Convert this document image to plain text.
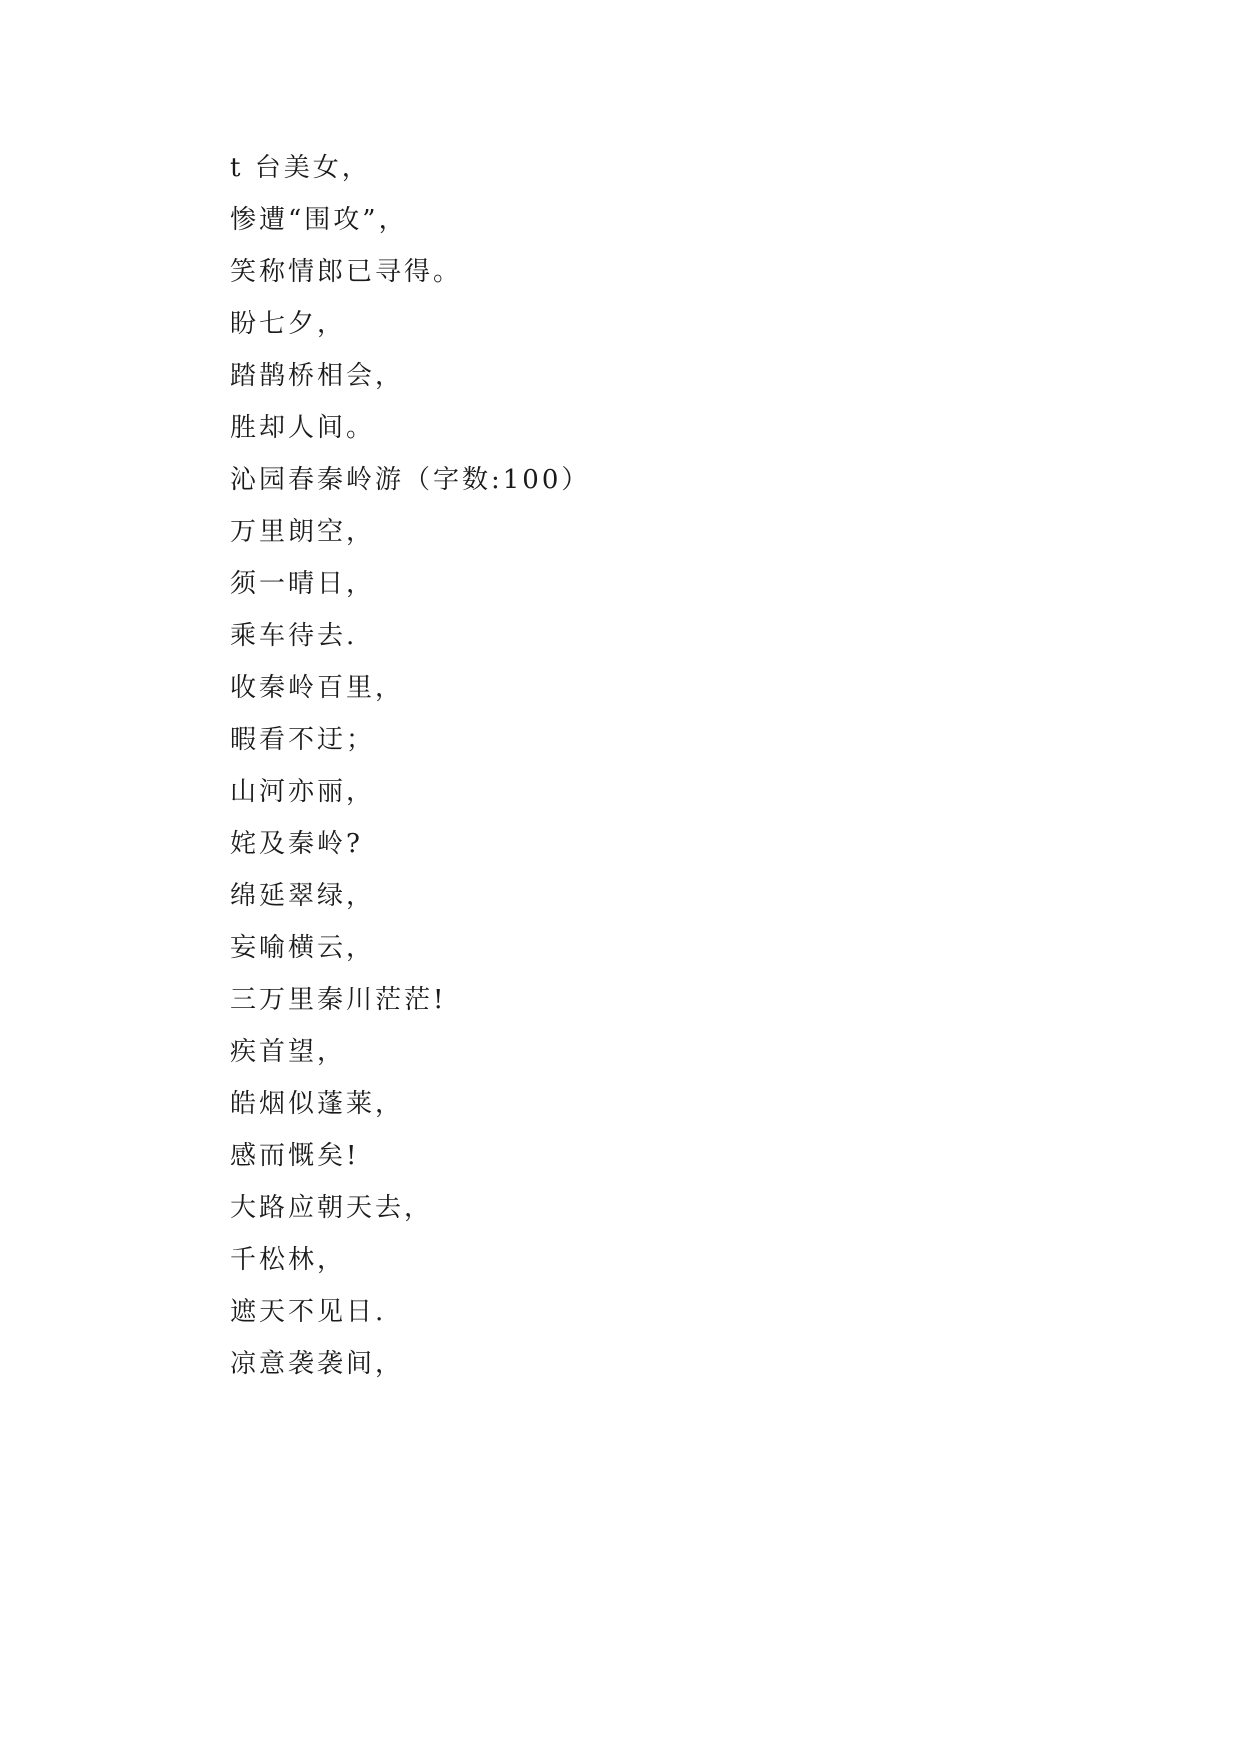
t 台美女，

惨遭“围攻”，

笑称情郎已寻得。

盼七夕，

踏鹊桥相会，

胜却人间。

沁园春秦岭游（字数:100）

万里朗空，

须一晴日，

乘车待去.

收秦岭百里，

暇看不迂；

山河亦丽，

姹及秦岭?

绵延翠绿，

妄喻横云，

三万里秦川茫茫!

疾首望，

皓烟似蓬莱，

感而慨矣!

大路应朝天去，

千松林，

遮天不见日.

凉意袭袭间，
